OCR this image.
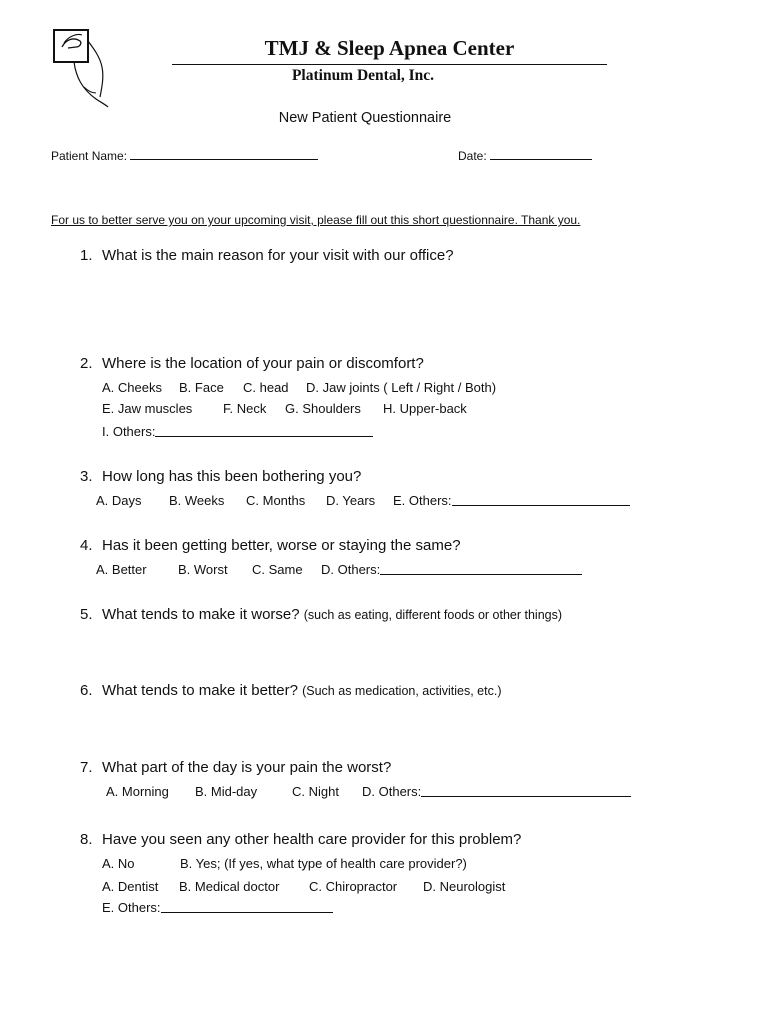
TMJ & Sleep Apnea Center
Platinum Dental, Inc.
New Patient Questionnaire
Patient Name:	Date:
For us to better serve you on your upcoming visit, please fill out this short questionnaire. Thank you.
1. What is the main reason for your visit with our office?
2. Where is the location of your pain or discomfort?
A. Cheeks B. Face C. head D. Jaw joints ( Left / Right / Both)
E. Jaw muscles F. Neck G. Shoulders H. Upper-back
I. Others:
3. How long has this been bothering you?
A. Days B. Weeks C. Months D. Years E. Others:
4. Has it been getting better, worse or staying the same?
A. Better B. Worst C. Same D. Others:
5. What tends to make it worse? (such as eating, different foods or other things)
6. What tends to make it better? (Such as medication, activities, etc.)
7. What part of the day is your pain the worst?
A. Morning B. Mid-day	C. Night D. Others:
8. Have you seen any other health care provider for this problem?
A. No	B. Yes; (If yes, what type of health care provider?)
A. Dentist B. Medical doctor C. Chiropractor D. Neurologist
E. Others:
